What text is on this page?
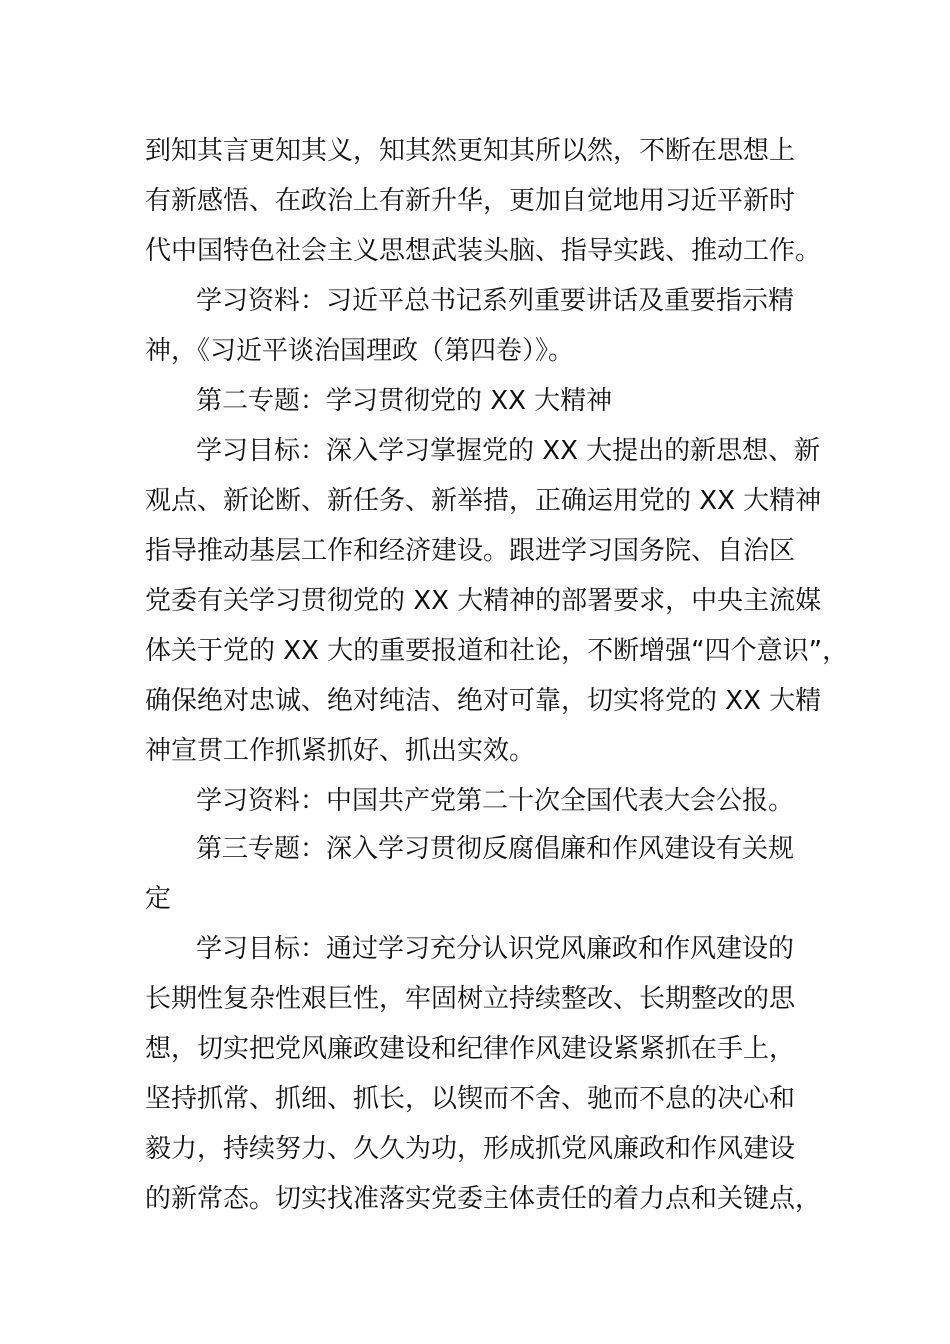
到知其言更知其义，知其然更知其所以然，不断在思想上
有新感悟、在政治上有新升华，更加自觉地用习近平新时
代中国特色社会主义思想武装头脑、指导实践、推动工作。
学习资料：习近平总书记系列重要讲话及重要指示精
神，《习近平谈治国理政（第四卷）》。
第二专题：学习贯彻党的 XX 大精神
学习目标：深入学习掌握党的 XX 大提出的新思想、新
观点、新论断、新任务、新举措，正确运用党的 XX 大精神
指导推动基层工作和经济建设。跟进学习国务院、自治区
党委有关学习贯彻党的 XX 大精神的部署要求，中央主流媒
体关于党的 XX 大的重要报道和社论，不断增强“四个意识”，
确保绝对忠诚、绝对纯洁、绝对可靠，切实将党的 XX 大精
神宣贯工作抓紧抓好、抓出实效。
学习资料：中国共产党第二十次全国代表大会公报。
第三专题：深入学习贯彻反腐倡廉和作风建设有关规
定
学习目标：通过学习充分认识党风廉政和作风建设的
长期性复杂性艰巨性，牢固树立持续整改、长期整改的思
想，切实把党风廉政建设和纪律作风建设紧紧抓在手上，
坚持抓常、抓细、抓长，以锲而不舍、驰而不息的决心和
毅力，持续努力、久久为功，形成抓党风廉政和作风建设
的新常态。切实找准落实党委主体责任的着力点和关键点，
